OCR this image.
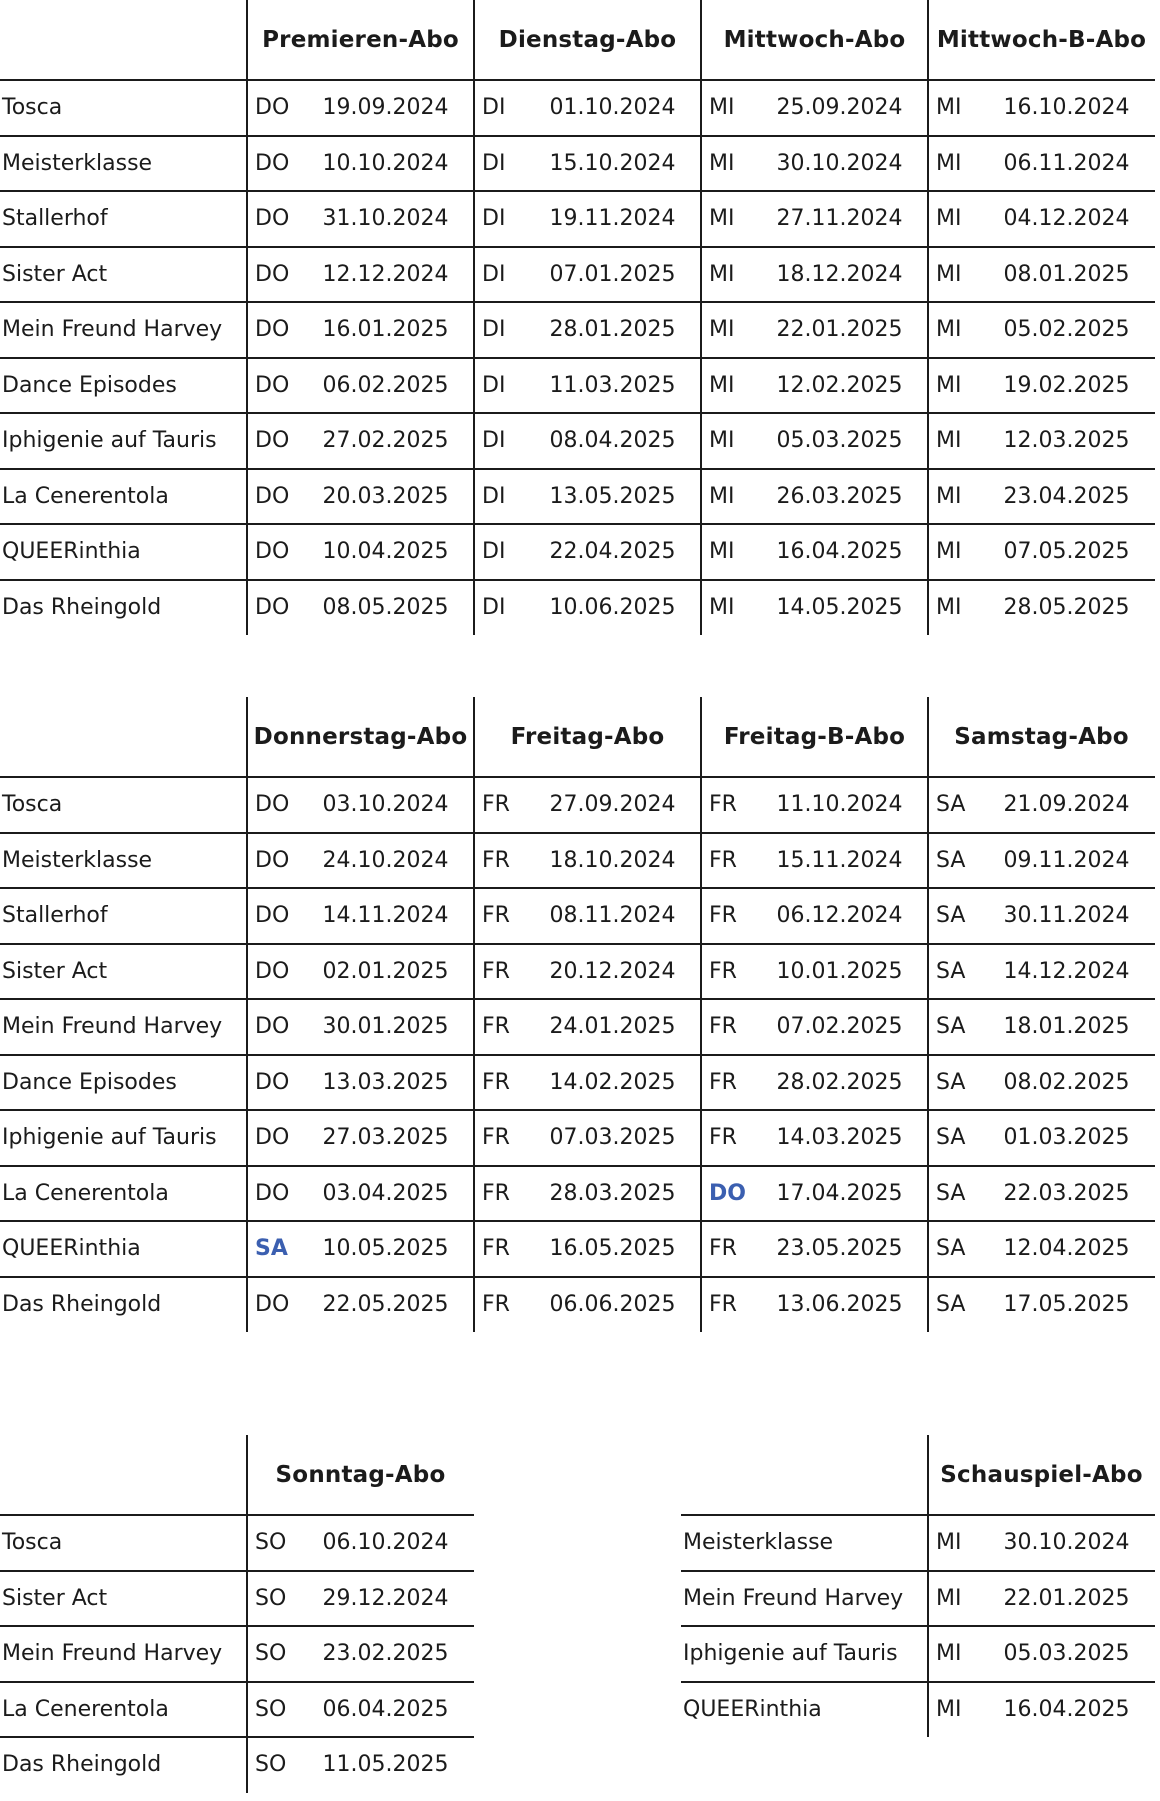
Premieren-Abo	Dienstag-Abo	Mittwoch-Abo	Mittwoch-B-Abo
Tosca	DO	19.09.2024	DI	01.10.2024	MI	25.09.2024	MI	16.10.2024
Meisterklasse	DO	10.10.2024	DI	15.10.2024	MI	30.10.2024	MI	06.11.2024
Stallerhof	DO	31.10.2024	DI	19.11.2024	MI	27.11.2024	MI	04.12.2024
Sister Act	DO	12.12.2024	DI	07.01.2025	MI	18.12.2024	MI	08.01.2025
Mein Freund Harvey DO	16.01.2025	DI	28.01.2025	MI	22.01.2025	MI	05.02.2025
Dance Episodes	DO	06.02.2025	DI	11.03.2025	MI	12.02.2025	MI	19.02.2025
Iphigenie auf Tauris DO	27.02.2025	DI	08.04.2025	MI	05.03.2025	MI	12.03.2025
La Cenerentola	DO	20.03.2025	DI	13.05.2025	MI	26.03.2025	MI	23.04.2025
QUEERinthia	DO	10.04.2025	DI	22.04.2025	MI	16.04.2025	MI	07.05.2025
Das Rheingold	DO	08.05.2025	DI	10.06.2025	MI	14.05.2025	MI	28.05.2025
Donnerstag-Abo	Freitag-Abo	Freitag-B-Abo	Samstag-Abo
Tosca	DO	03.10.2024	FR	27.09.2024	FR	11.10.2024	SA	21.09.2024
Meisterklasse	DO	24.10.2024	FR	18.10.2024	FR	15.11.2024	SA	09.11.2024
Stallerhof	DO	14.11.2024	FR	08.11.2024	FR	06.12.2024	SA	30.11.2024
Sister Act	DO	02.01.2025	FR	20.12.2024	FR	10.01.2025	SA	14.12.2024
Mein Freund Harvey DO	30.01.2025	FR	24.01.2025	FR	07.02.2025	SA	18.01.2025
Dance Episodes	DO	13.03.2025	FR	14.02.2025	FR	28.02.2025	SA	08.02.2025
Iphigenie auf Tauris DO	27.03.2025	FR	07.03.2025	FR	14.03.2025	SA	01.03.2025
La Cenerentola	DO	03.04.2025	FR	28.03.2025	DO	17.04.2025	SA	22.03.2025
QUEERinthia	SA	10.05.2025	FR	16.05.2025	FR	23.05.2025	SA	12.04.2025
Das Rheingold	DO	22.05.2025	FR	06.06.2025	FR	13.06.2025	SA	17.05.2025
Sonntag-Abo
Tosca	SO	06.10.2024
Sister Act	SO	29.12.2024
Mein Freund Harvey SO	23.02.2025
La Cenerentola	SO	06.04.2025
Das Rheingold	SO	11.05.2025
Schauspiel-Abo
Meisterklasse	MI	30.10.2024
Mein Freund Harvey MI	22.01.2025
Iphigenie auf Tauris MI	05.03.2025
QUEERinthia	MI	16.04.2025
